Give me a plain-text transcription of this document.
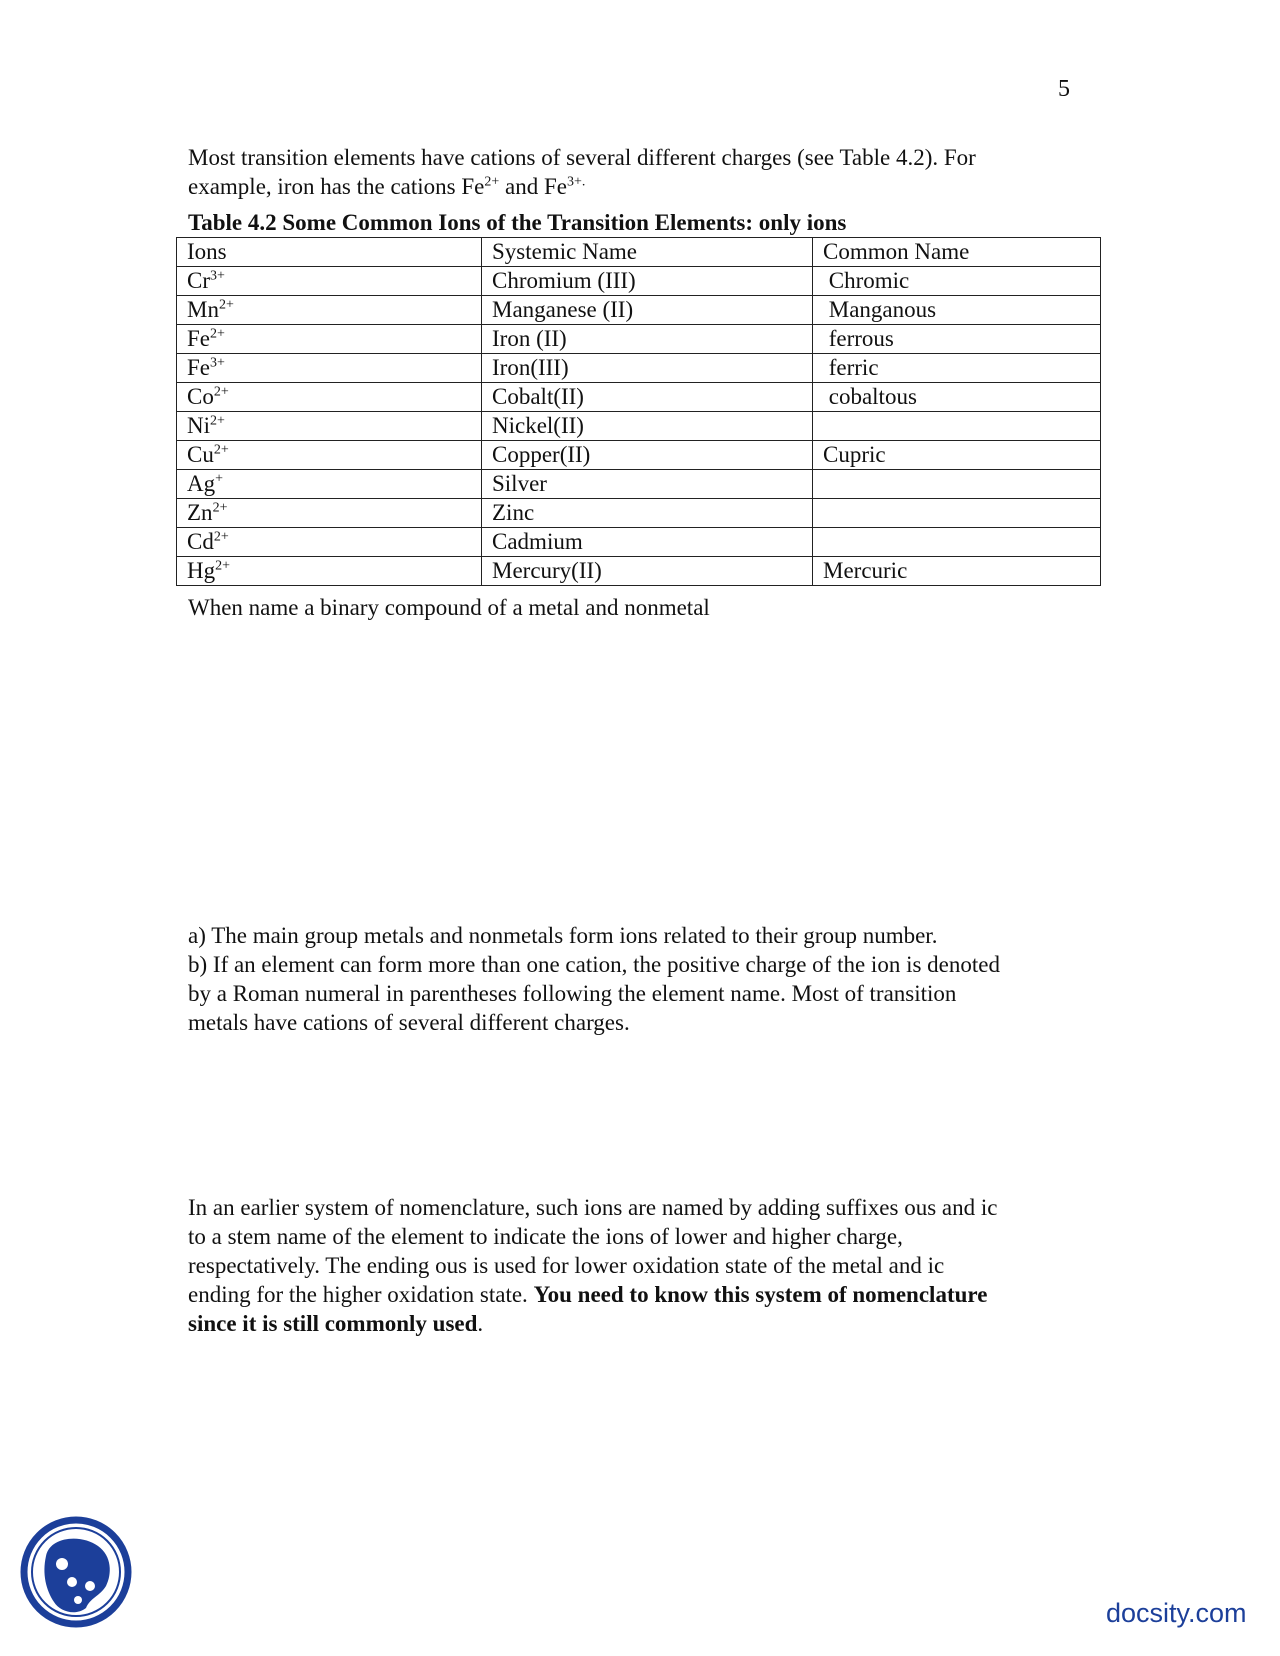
5

Most transition elements have cations of several different charges (see Table 4.2). For
example, iron has the cations $Fe^{2+}$ and $Fe^{3+.}$

Table 4.2 Some Common Ions of the Transition Elements: only ions

Ions	Systemic Name	Common Name
$Cr^{3+}$	Chromium (III)	Chromic
$Mn^{2+}$	Manganese (II)	Manganous
$Fe^{2+}$	Iron (II)	ferrous
$Fe^{3+}$	Iron(III)	ferric
$Co^{2+}$	Cobalt(II)	cobaltous
$Ni^{2+}$	Nickel(II)	
$Cu^{2+}$	Copper(II)	Cupric
Ag+	Silver	
$Zn^{2+}$	Zinc	
$Cd^{2+}$	Cadmium	
$Hg^{2+}$	Mercury(II)	Mercuric

When name a binary compound of a metal and nonmetal

a) The main group metals and nonmetals form ions related to their group number.
b) If an element can form more than one cation, the positive charge of the ion is denoted
by a Roman numeral in parentheses following the element name. Most of transition
metals have cations of several different charges.

In an earlier system of nomenclature, such ions are named by adding suffixes ous and ic
to a stem name of the element to indicate the ions of lower and higher charge,
respectatively. The ending ous is used for lower oxidation state of the metal and ic
ending for the higher oxidation state. You need to know this system of nomenclature
since it is still commonly used.

docsity.com
